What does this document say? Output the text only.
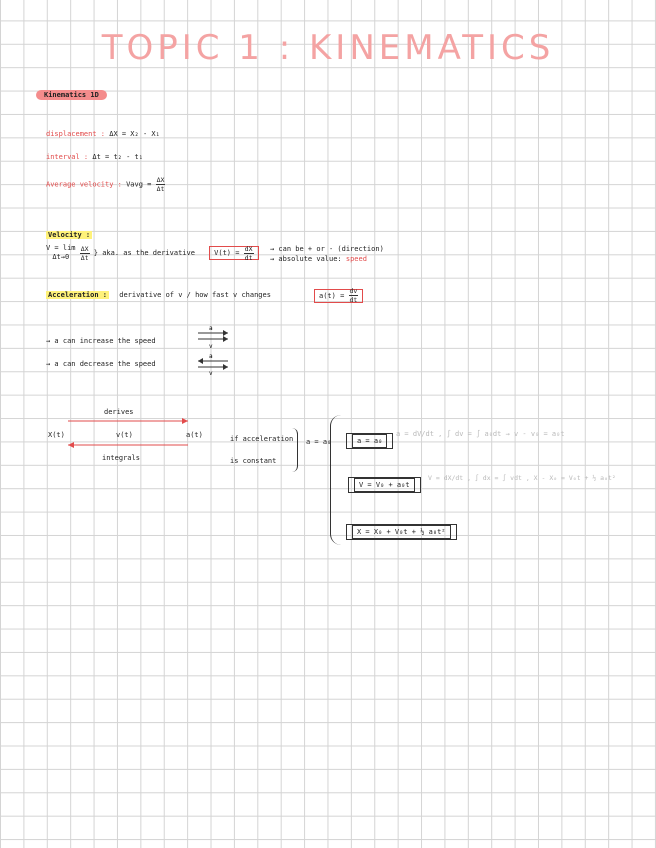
TOPIC 1 : KINEMATICS
Kinematics 1D
displacement : ΔX = X₂ - X₁
interval : Δt = t₂ - t₁
Average velocity : Vavg = $\frac{\Delta X}{\Delta t}$
Velocity :
V = lim
Δt→0
	$\frac{\Delta X}{\Delta t}$ } aka. as the derivative	$V(t) = \frac{dX}{dt}$	→ can be + or - (direction)
→ absolute value: speed
Acceleration : derivative of v / how fast v changes	$a(t) = \frac{dv}{dt}$
→ a can increase the speed
→ a can decrease the speed
a
v
a
v
derives
X(t)	v(t)	a(t)
integrals
if acceleration
is constant
a = a₀	a = a₀
a = dV/dt , ∫ dv = ∫ a₀dt → v - v₀ = a₀t
V = V₀ + a₀t
V = dX/dt , ∫ dx = ∫ vdt , X - X₀ = V₀t + ½ a₀t²
X = X₀ + V₀t + ½ a₀t²
